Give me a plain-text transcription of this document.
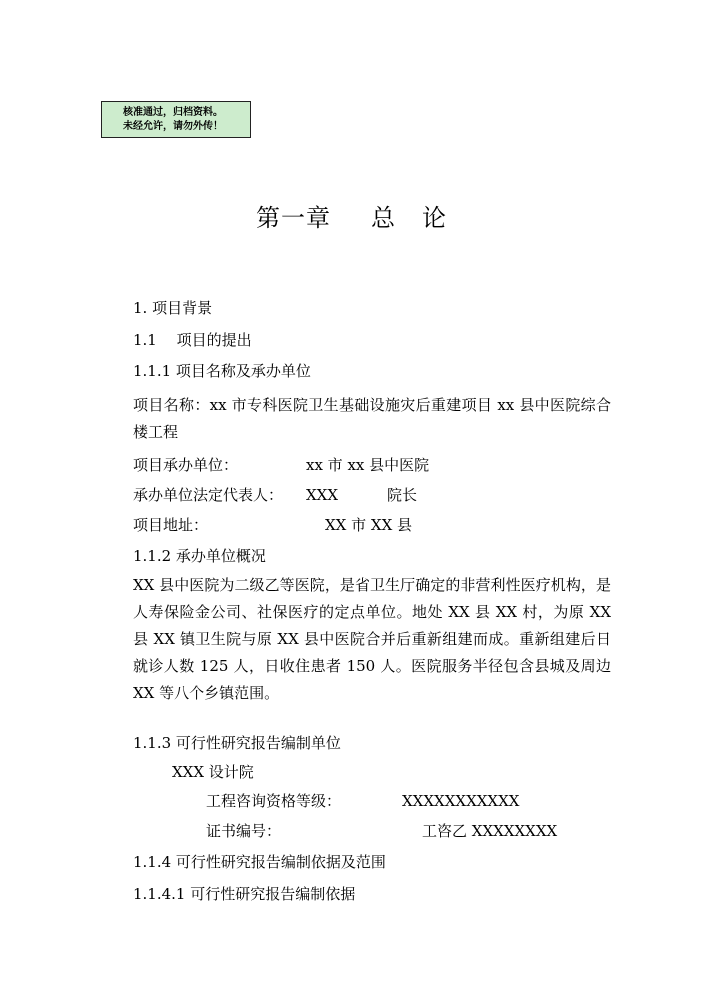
核准通过，归档资料。
未经允许，请勿外传！
第一章 总 论
1. 项目背景
1.1　 项目的提出
1.1.1 项目名称及承办单位
项目名称：xx 市专科医院卫生基础设施灾后重建项目 xx 县中医院综合楼工程
项目承办单位：	xx 市 xx 县中医院
承办单位法定代表人： XXX	院长
项目地址：	XX 市 XX 县
1.1.2 承办单位概况
XX 县中医院为二级乙等医院，是省卫生厅确定的非营利性医疗机构，是人寿保险金公司、社保医疗的定点单位。地处 XX 县 XX 村，为原 XX 县 XX 镇卫生院与原 XX 县中医院合并后重新组建而成。重新组建后日就诊人数 125 人，日收住患者 150 人。医院服务半径包含县城及周边 XX 等八个乡镇范围。
1.1.3 可行性研究报告编制单位
XXX 设计院
工程咨询资格等级：	XXXXXXXXXXX
证书编号：	工咨乙 XXXXXXXX
1.1.4 可行性研究报告编制依据及范围
1.1.4.1 可行性研究报告编制依据
